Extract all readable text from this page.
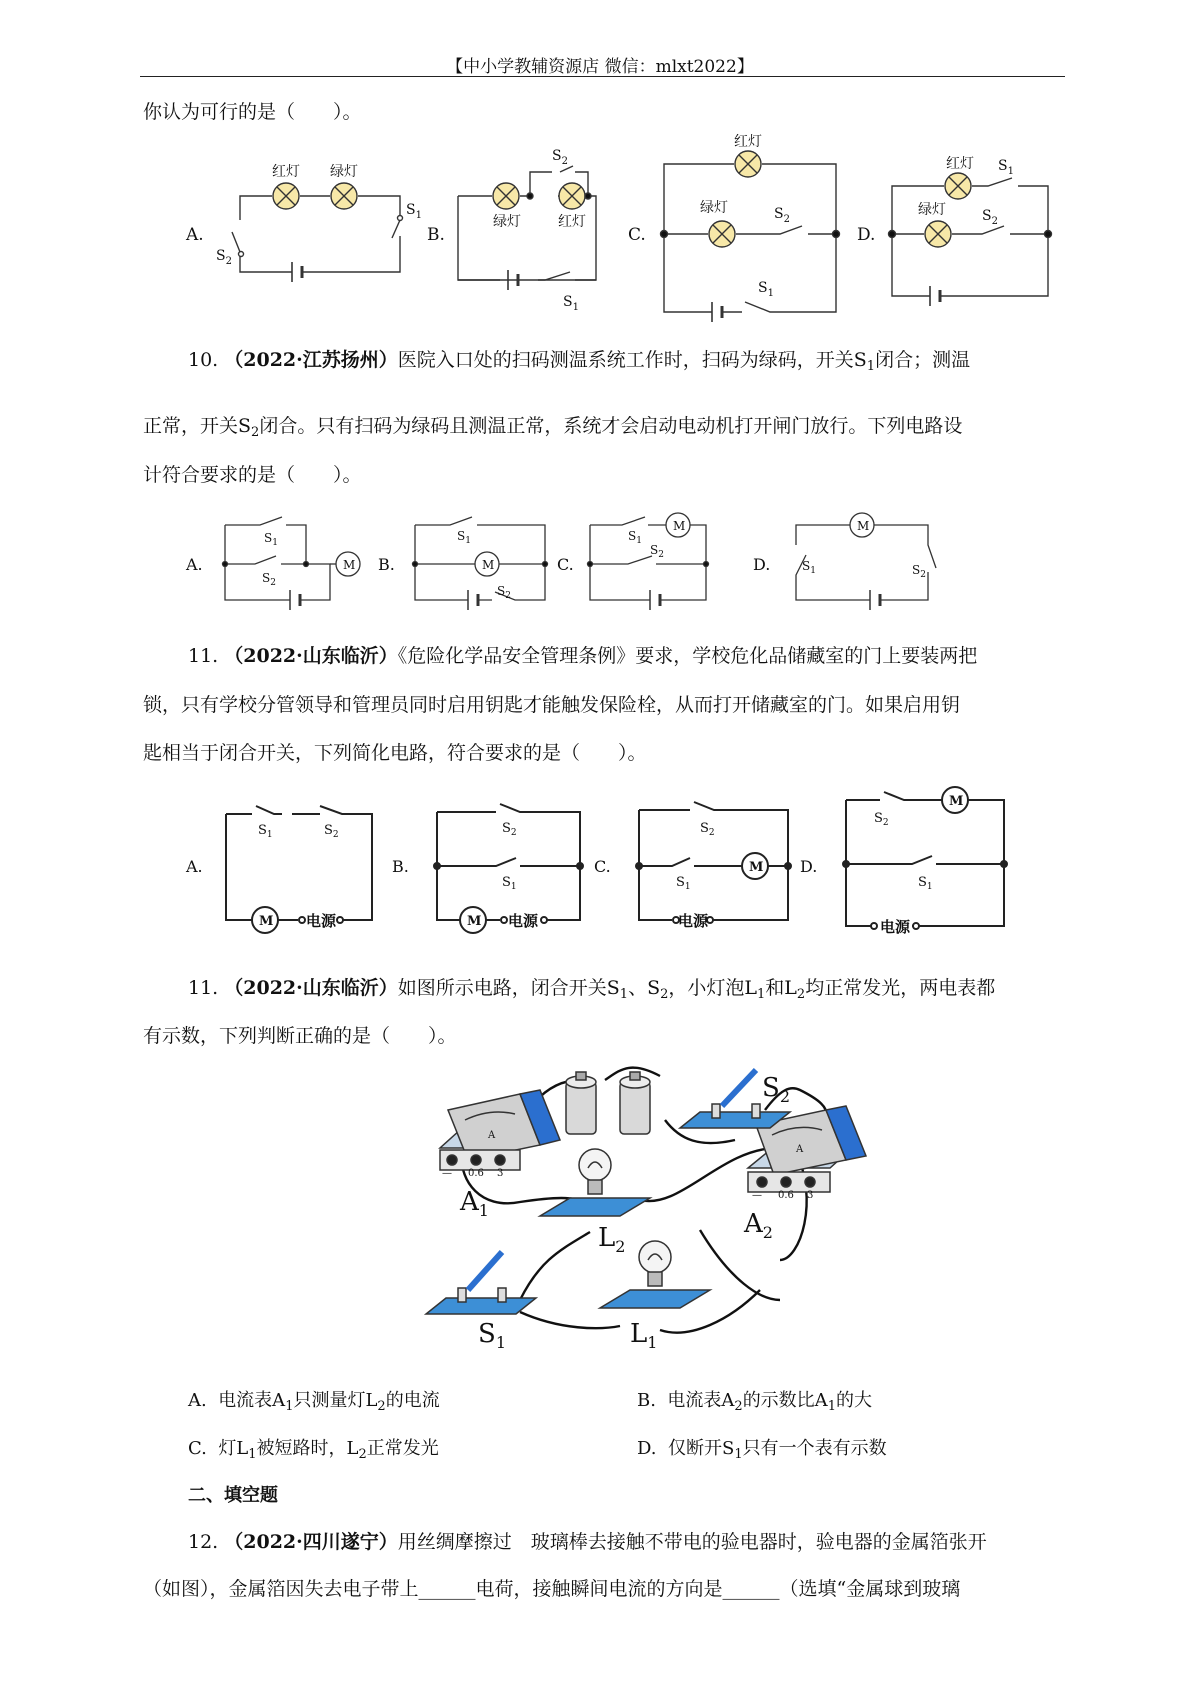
【中小学教辅资源店 微信：mlxt2022】
你认为可行的是（　　）。
A.	B.
红灯 绿灯
$S_2$
$S_1$	绿灯	红灯
$S_2$
$S_1$
C.	D.
红灯
绿灯	$S_2$
$S_1$
红灯
绿灯
$S_1$
$S_2$
10. （2022·江苏扬州）医院入口处的扫码测温系统工作时，扫码为绿码，开关$S_1$闭合；测温
正常，开关$S_2$闭合。只有扫码为绿码且测温正常，系统才会启动电动机打开闸门放行。下列电路设
计符合要求的是（　　）。
A.	B.	C.	D.
M	M
M	M
$S_1$
$S_2$
$S_1$
$S_2$
$S_1$
$S_2$
$S_1$	$S_2$
11. （2022·山东临沂）《危险化学品安全管理条例》要求，学校危化品储藏室的门上要装两把
锁，只有学校分管领导和管理员同时启用钥匙才能触发保险栓，从而打开储藏室的门。如果启用钥
匙相当于闭合开关，下列简化电路，符合要求的是（　　）。
A.	B.	C.	D.
M	M
M
M
电源	电源	电源	电源
$S_1$	$S_2$	$S_2$
$S_1$
$S_2$
$S_1$
$S_2$
$S_1$
11. （2022·山东临沂）如图所示电路，闭合开关$S_1$、$S_2$，小灯泡$L_1$和$L_2$均正常发光，两电表都
有示数，下列判断正确的是（　　）。
A
A
— 0.6 3
— 0.6 3
$A_1$	$A_2$
$L_2$
$L_1$
$S_1$
$S_2$
A. 电流表$A_1$只测量灯$L_2$的电流	B. 电流表$A_2$的示数比$A_1$的大
C. 灯$L_1$被短路时，$L_2$正常发光	D. 仅断开$S_1$只有一个表有示数
二、填空题
12. （2022·四川遂宁）用丝绸摩擦过　玻璃棒去接触不带电的验电器时，验电器的金属箔张开
（如图），金属箔因失去电子带上______电荷，接触瞬间电流的方向是______（选填“金属球到玻璃
